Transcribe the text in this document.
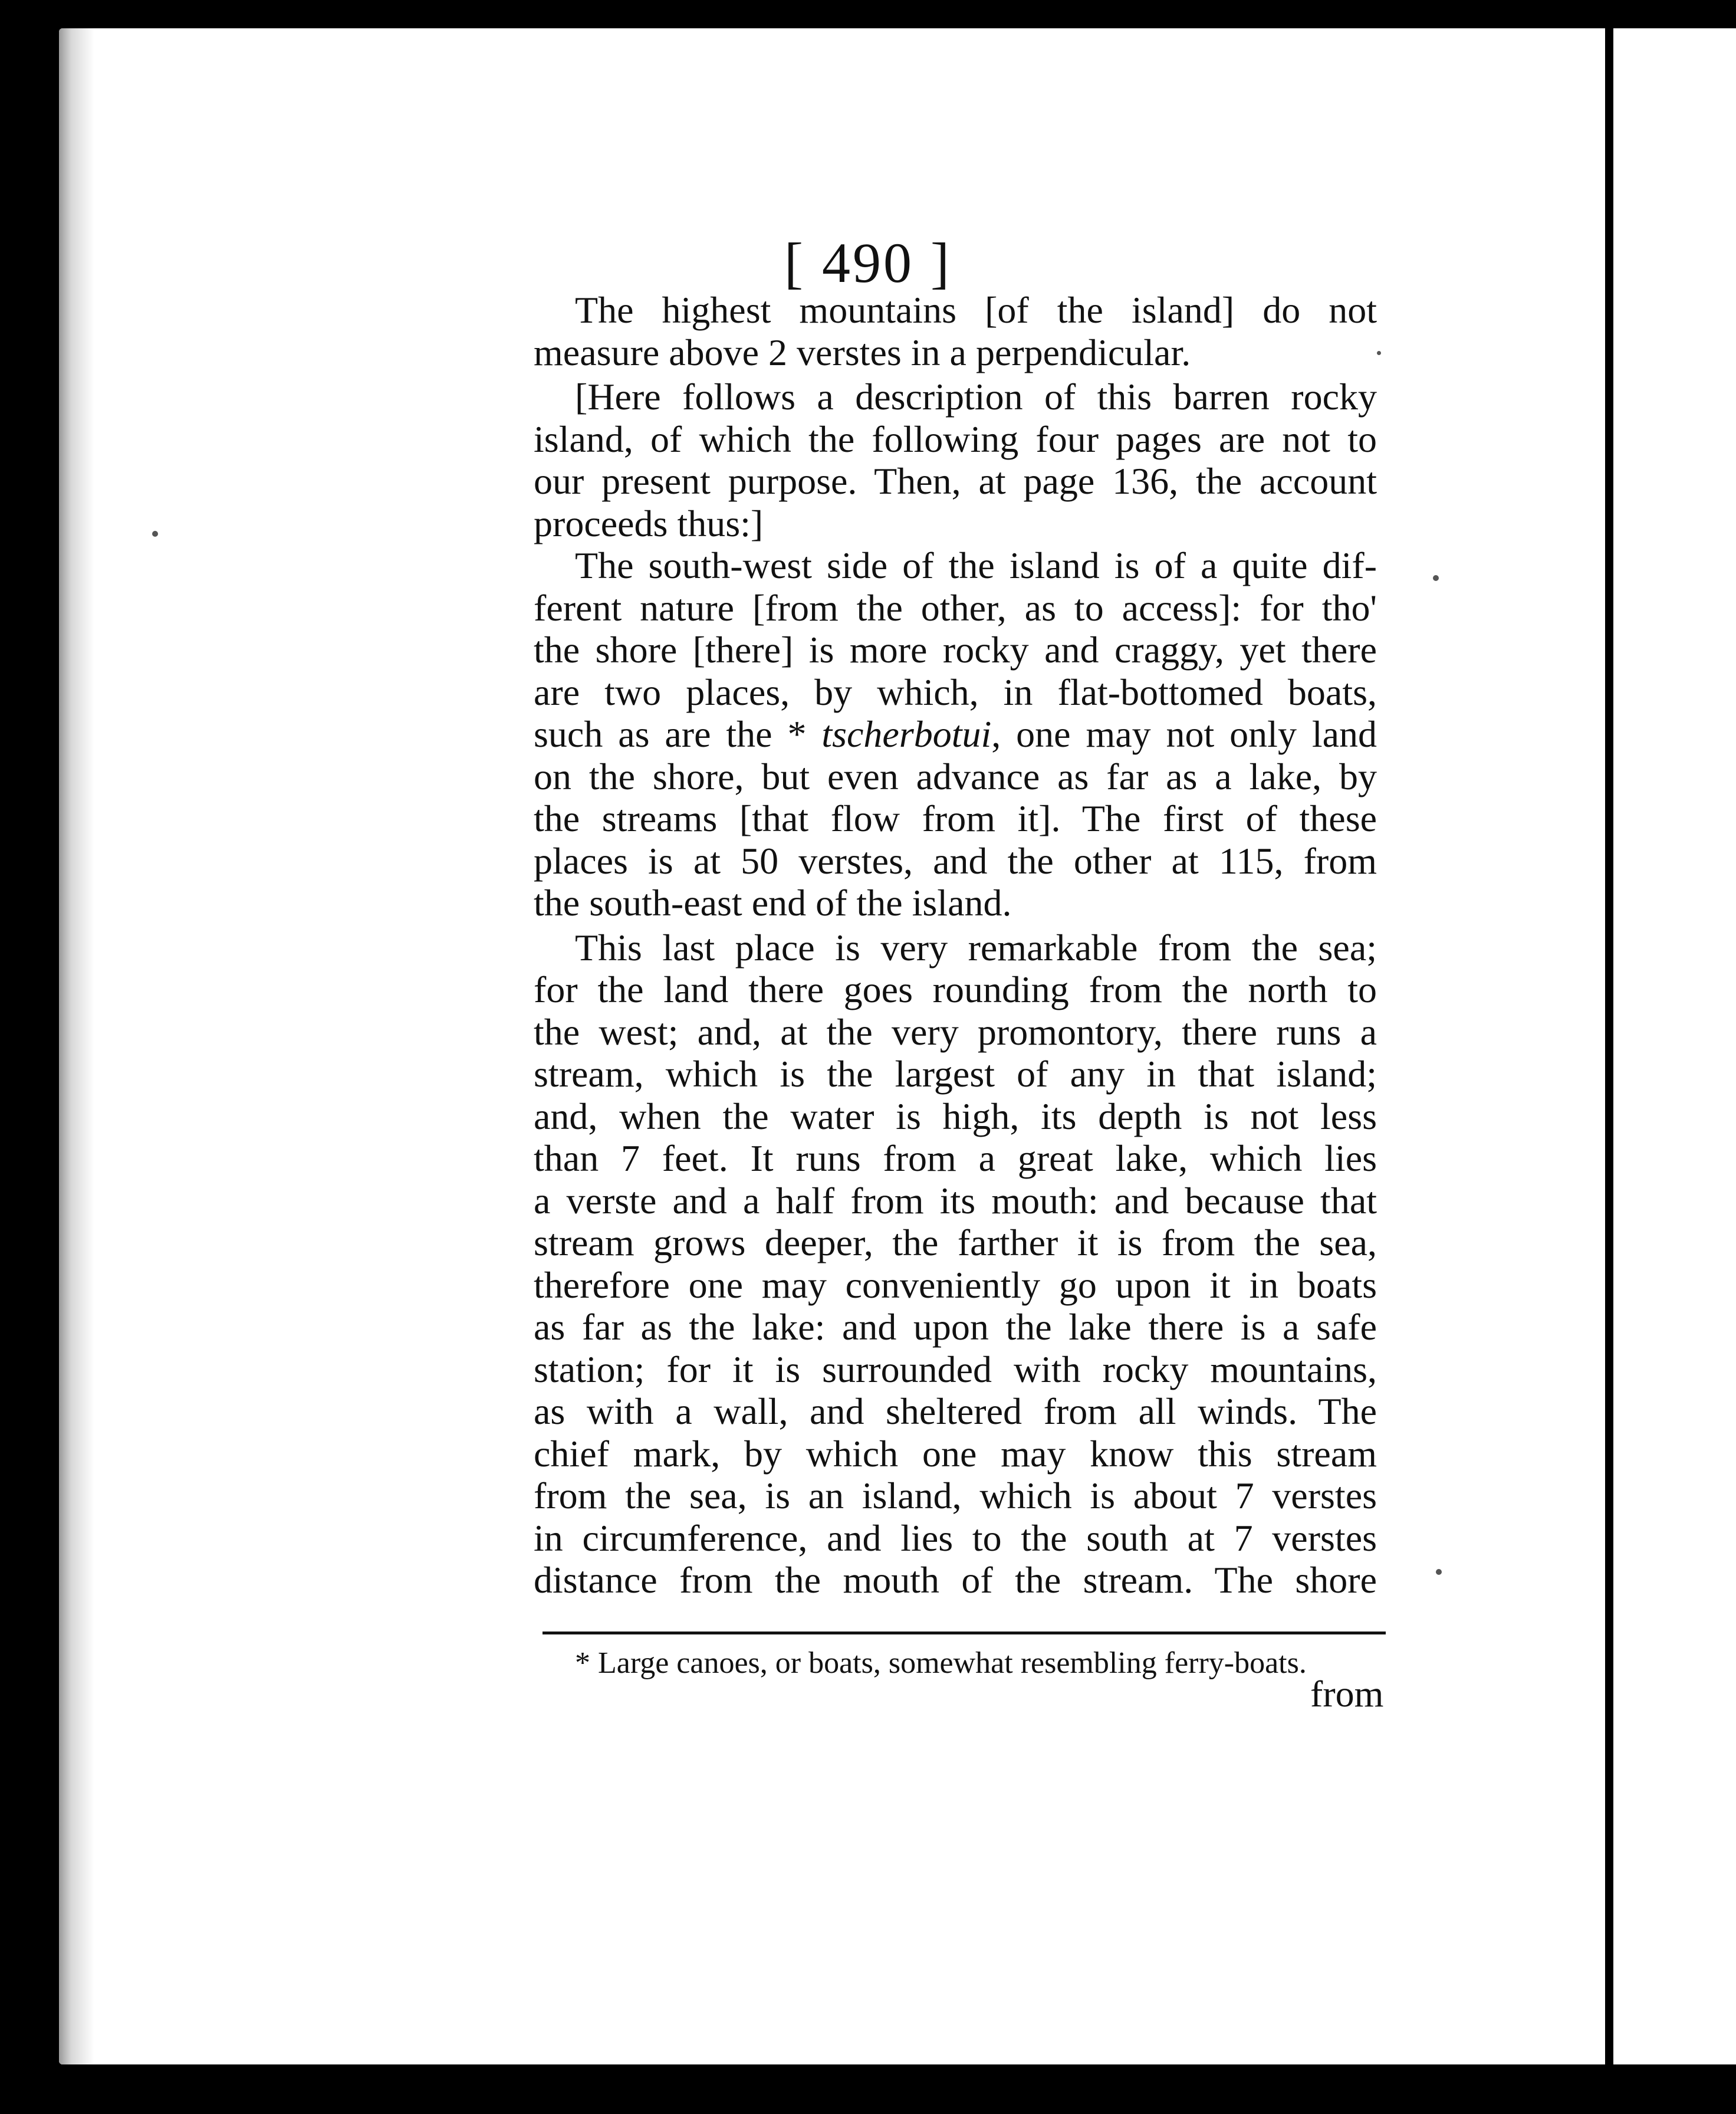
[ 490 ]
The highest mountains [of the island] do not
measure above 2 verstes in a perpendicular.
[Here follows a description of this barren rocky
island, of which the following four pages are not to
our present purpose. Then, at page 136, the account
proceeds thus:]
The south-west side of the island is of a quite dif-
ferent nature [from the other, as to access]: for tho'
the shore [there] is more rocky and craggy, yet there
are two places, by which, in flat-bottomed boats,
such as are the * tscherbotui, one may not only land
on the shore, but even advance as far as a lake, by
the streams [that flow from it]. The first of these
places is at 50 verstes, and the other at 115, from
the south-east end of the island.
This last place is very remarkable from the sea;
for the land there goes rounding from the north to
the west; and, at the very promontory, there runs a
stream, which is the largest of any in that island;
and, when the water is high, its depth is not less
than 7 feet. It runs from a great lake, which lies
a verste and a half from its mouth: and because that
stream grows deeper, the farther it is from the sea,
therefore one may conveniently go upon it in boats
as far as the lake: and upon the lake there is a safe
station; for it is surrounded with rocky mountains,
as with a wall, and sheltered from all winds. The
chief mark, by which one may know this stream
from the sea, is an island, which is about 7 verstes
in circumference, and lies to the south at 7 verstes
distance from the mouth of the stream. The shore
* Large canoes, or boats, somewhat resembling ferry-boats.
from
